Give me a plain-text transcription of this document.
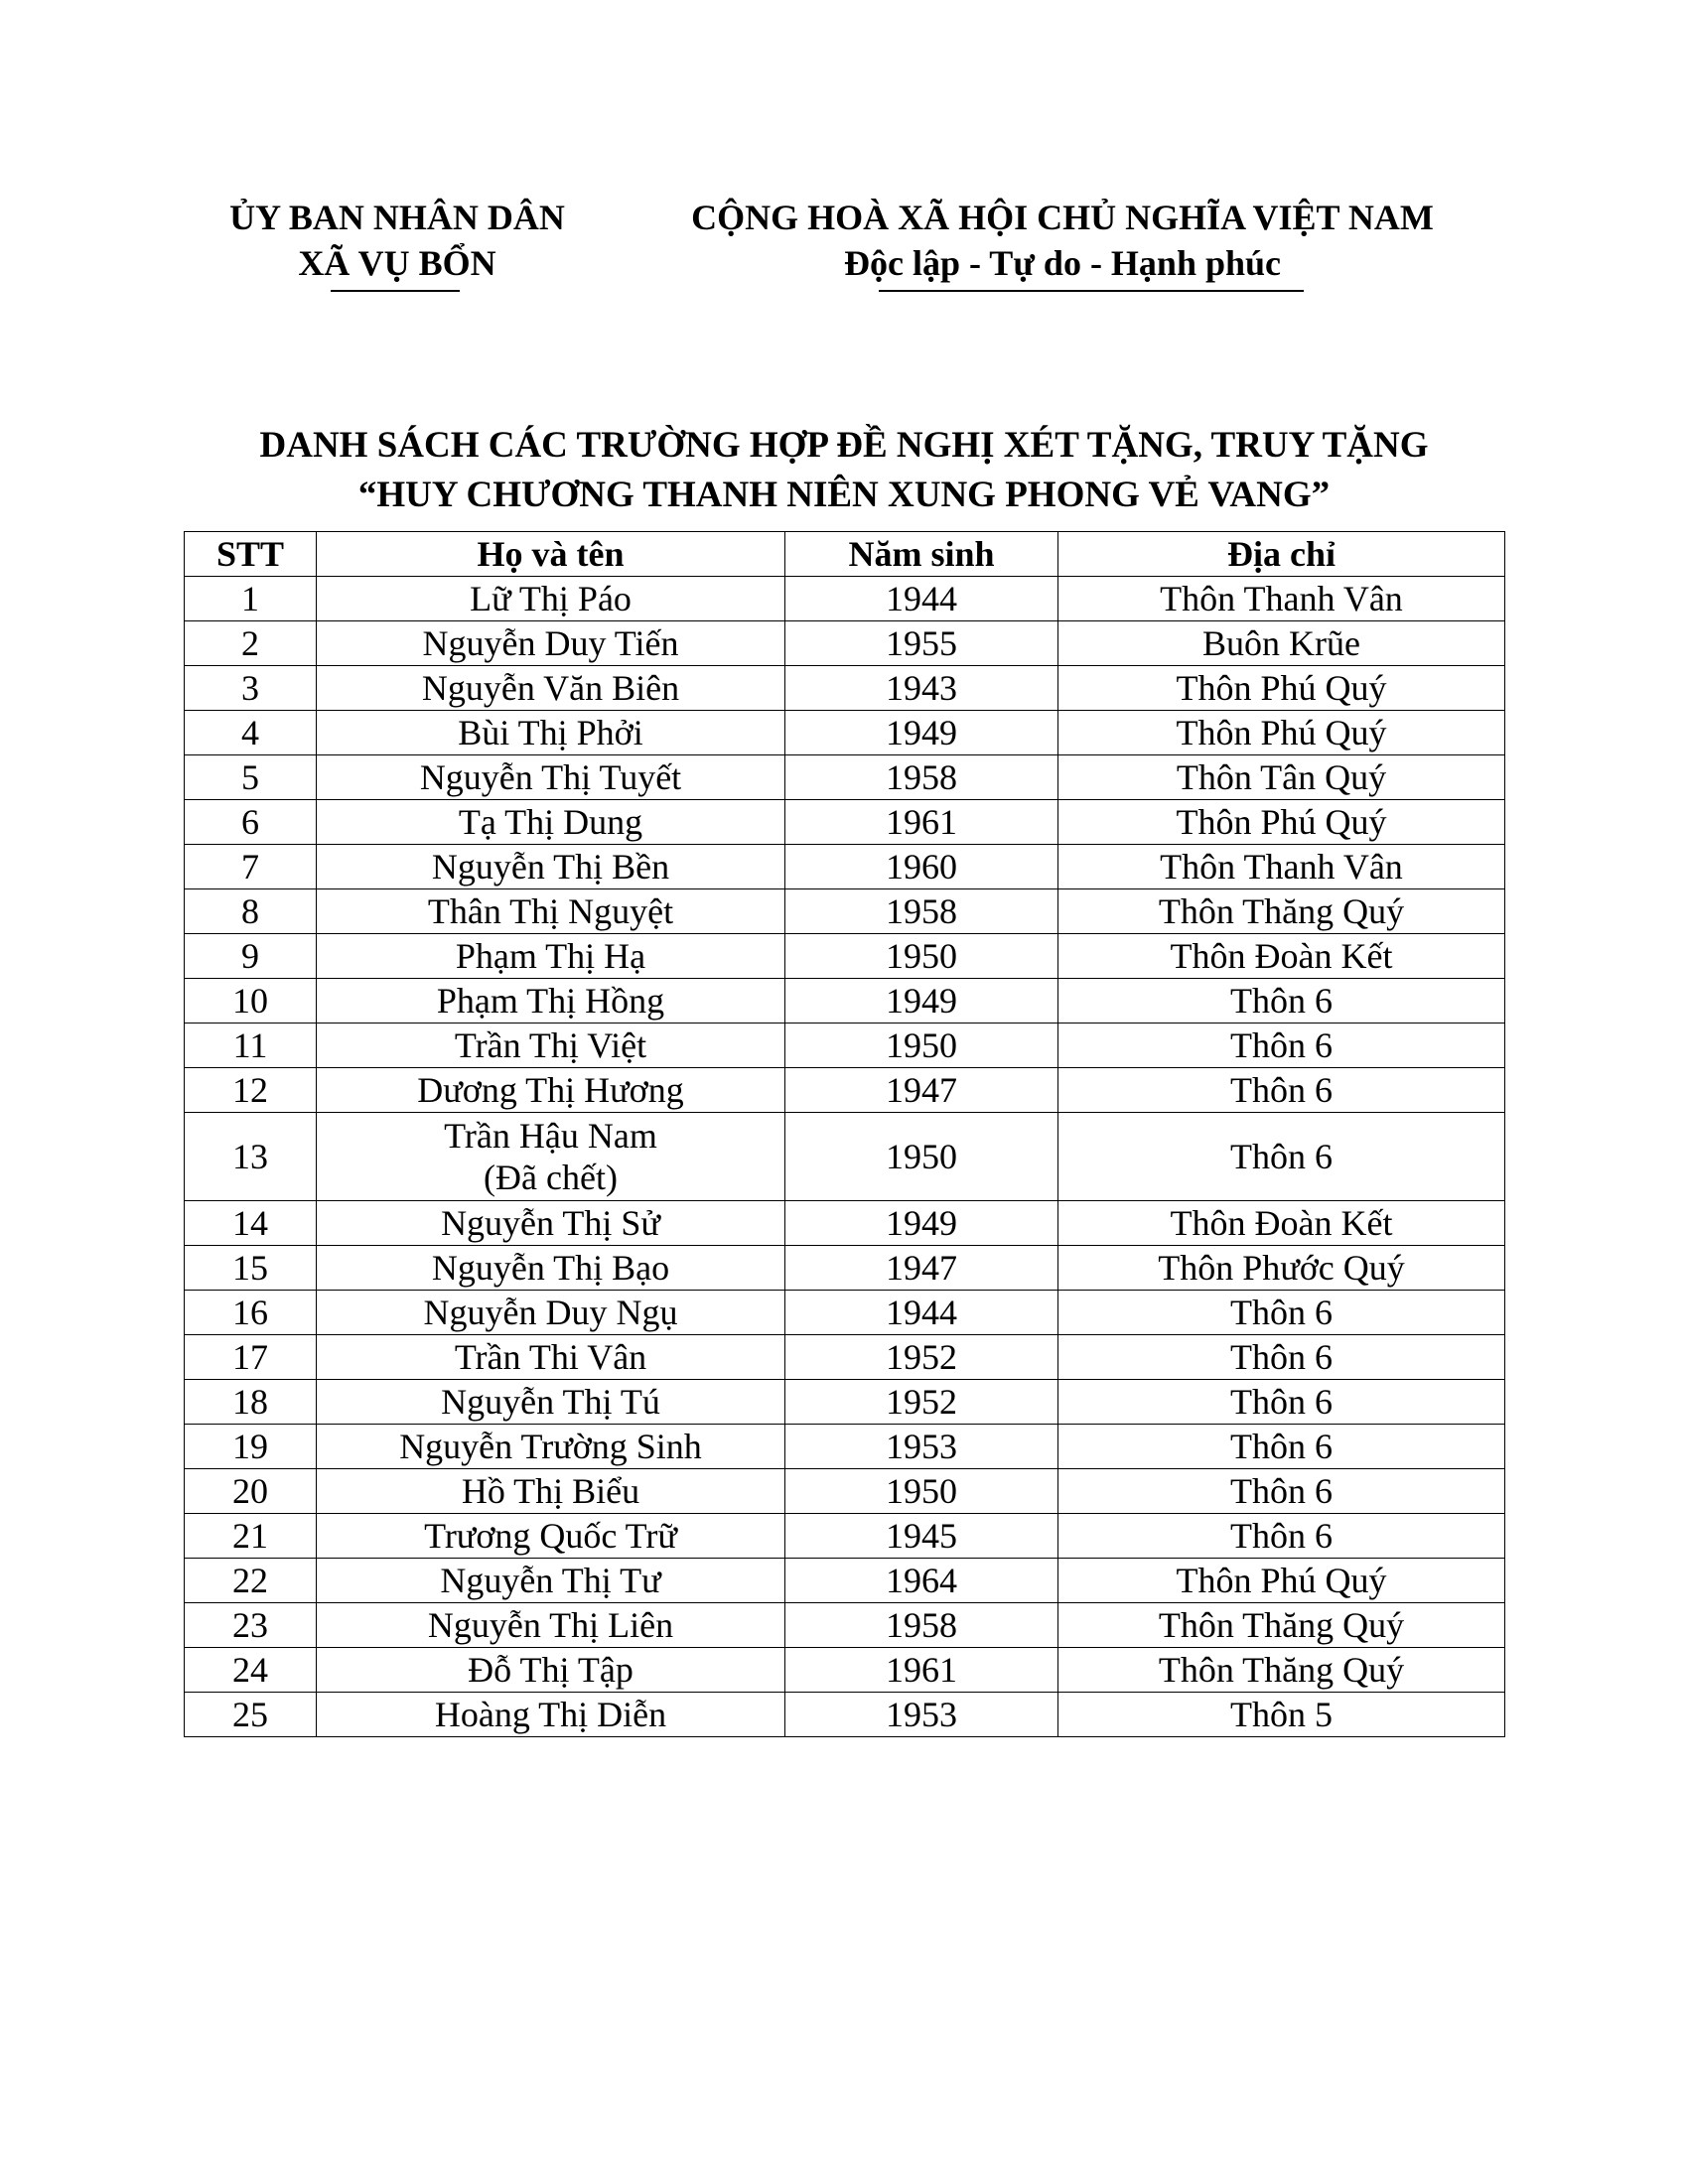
ỦY BAN NHÂN DÂN
XÃ VỤ BỔN
CỘNG HOÀ XÃ HỘI CHỦ NGHĨA VIỆT NAM
Độc lập - Tự do - Hạnh phúc
DANH SÁCH CÁC TRƯỜNG HỢP ĐỀ NGHỊ XÉT TẶNG, TRUY TẶNG
“HUY CHƯƠNG THANH NIÊN XUNG PHONG VẺ VANG”
STT	Họ và tên	Năm sinh	Địa chỉ
1	Lữ Thị Páo	1944	Thôn Thanh Vân
2	Nguyễn Duy Tiến	1955	Buôn Krũe
3	Nguyễn Văn Biên	1943	Thôn Phú Quý
4	Bùi Thị Phởi	1949	Thôn Phú Quý
5	Nguyễn Thị Tuyết	1958	Thôn Tân Quý
6	Tạ Thị Dung	1961	Thôn Phú Quý
7	Nguyễn Thị Bền	1960	Thôn Thanh Vân
8	Thân Thị Nguyệt	1958	Thôn Thăng Quý
9	Phạm Thị Hạ	1950	Thôn Đoàn Kết
10	Phạm Thị Hồng	1949	Thôn 6
11	Trần Thị Việt	1950	Thôn 6
12	Dương Thị Hương	1947	Thôn 6
13	Trần Hậu Nam
(Đã chết)	1950	Thôn 6
14	Nguyễn Thị Sử	1949	Thôn Đoàn Kết
15	Nguyễn Thị Bạo	1947	Thôn Phước Quý
16	Nguyễn Duy Ngụ	1944	Thôn 6
17	Trần Thi Vân	1952	Thôn 6
18	Nguyễn Thị Tú	1952	Thôn 6
19	Nguyễn Trường Sinh	1953	Thôn 6
20	Hồ Thị Biểu	1950	Thôn 6
21	Trương Quốc Trữ	1945	Thôn 6
22	Nguyễn Thị Tư	1964	Thôn Phú Quý
23	Nguyễn Thị Liên	1958	Thôn Thăng Quý
24	Đỗ Thị Tập	1961	Thôn Thăng Quý
25	Hoàng Thị Diễn	1953	Thôn 5
